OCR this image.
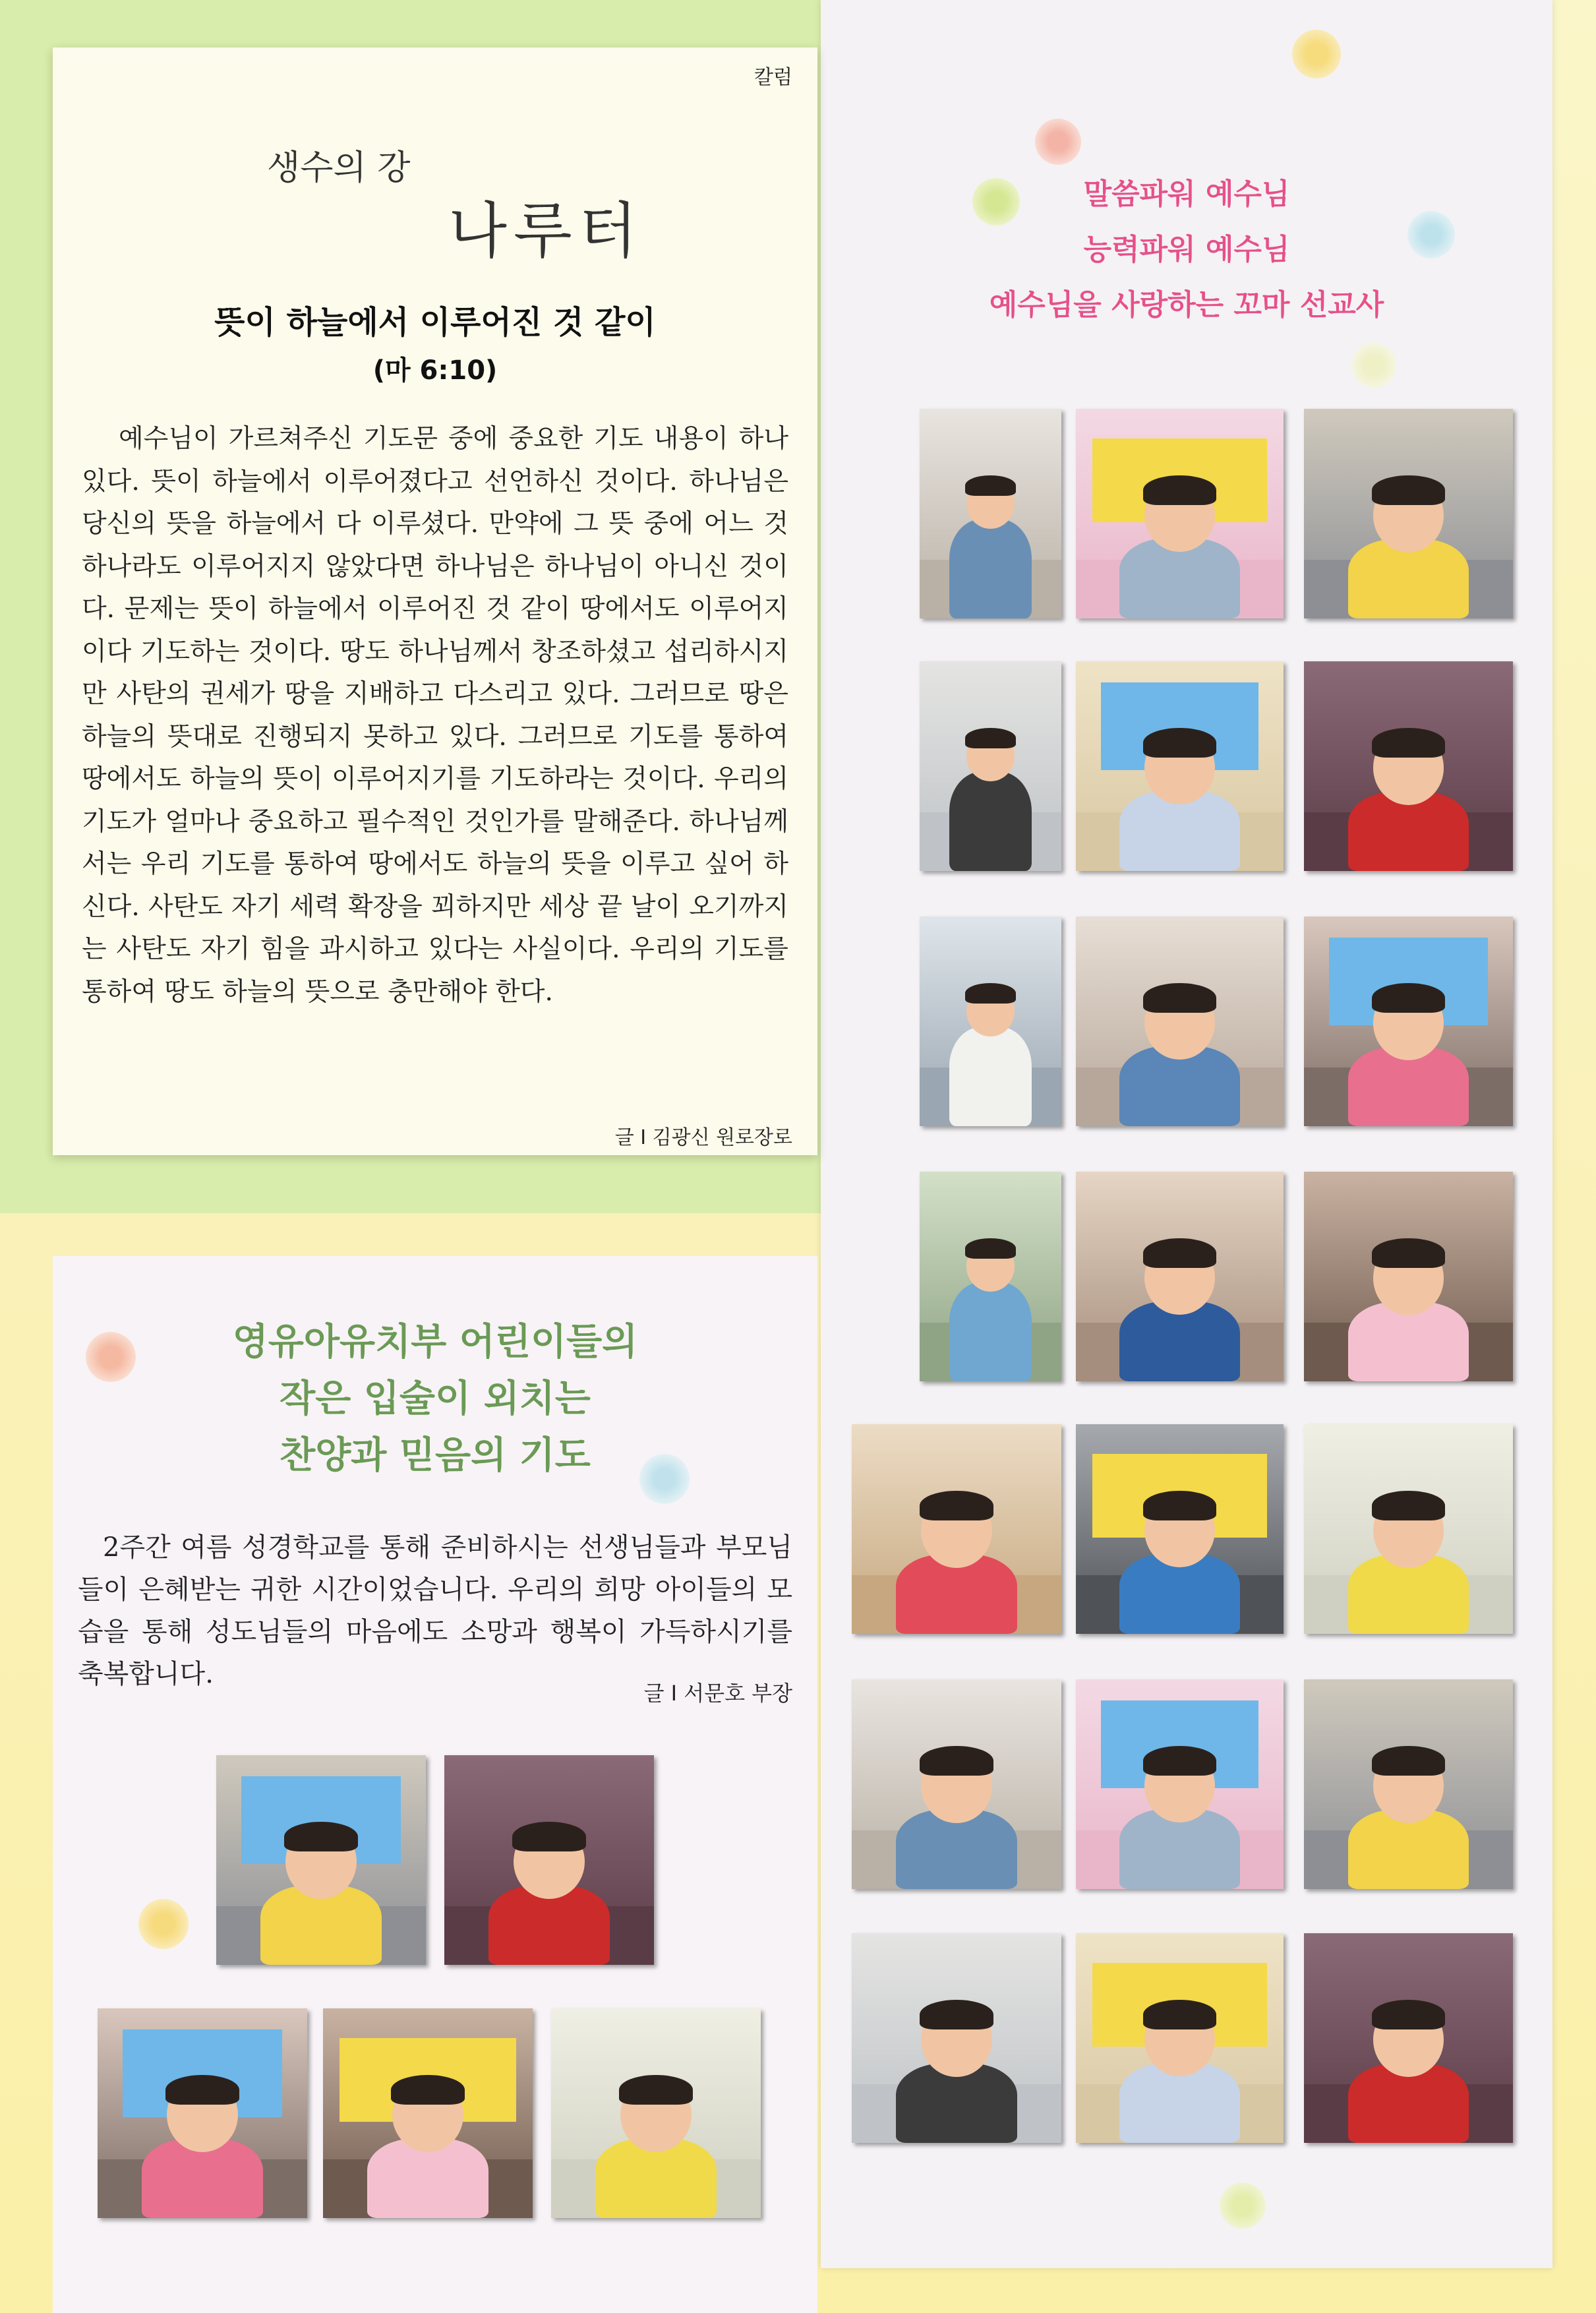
칼럼
생수의 강
나루터
뜻이 하늘에서 이루어진 것 같이
(마 6:10)

예수님이 가르쳐주신 기도문 중에 중요한 기도 내용이 하나 있다. 뜻이 하늘에서 이루어졌다고 선언하신 것이다. 하나님은 당신의 뜻을 하늘에서 다 이루셨다. 만약에 그 뜻 중에 어느 것 하나라도 이루어지지 않았다면 하나님은 하나님이 아니신 것이다. 문제는 뜻이 하늘에서 이루어진 것 같이 땅에서도 이루어지이다 기도하는 것이다. 땅도 하나님께서 창조하셨고 섭리하시지만 사탄의 권세가 땅을 지배하고 다스리고 있다. 그러므로 땅은 하늘의 뜻대로 진행되지 못하고 있다. 그러므로 기도를 통하여 땅에서도 하늘의 뜻이 이루어지기를 기도하라는 것이다. 우리의 기도가 얼마나 중요하고 필수적인 것인가를 말해준다. 하나님께서는 우리 기도를 통하여 땅에서도 하늘의 뜻을 이루고 싶어 하신다. 사탄도 자기 세력 확장을 꾀하지만 세상 끝 날이 오기까지는 사탄도 자기 힘을 과시하고 있다는 사실이다. 우리의 기도를 통하여 땅도 하늘의 뜻으로 충만해야 한다.

글 I 김광신 원로장로
영유아유치부 어린이들의
작은 입술이 외치는
찬양과 믿음의 기도

2주간 여름 성경학교를 통해 준비하시는 선생님들과 부모님들이 은혜받는 귀한 시간이었습니다. 우리의 희망 아이들의 모습을 통해 성도님들의 마음에도 소망과 행복이 가득하시기를 축복합니다.

글 I 서문호 부장
말씀파워 예수님
능력파워 예수님
예수님을 사랑하는 꼬마 선교사
